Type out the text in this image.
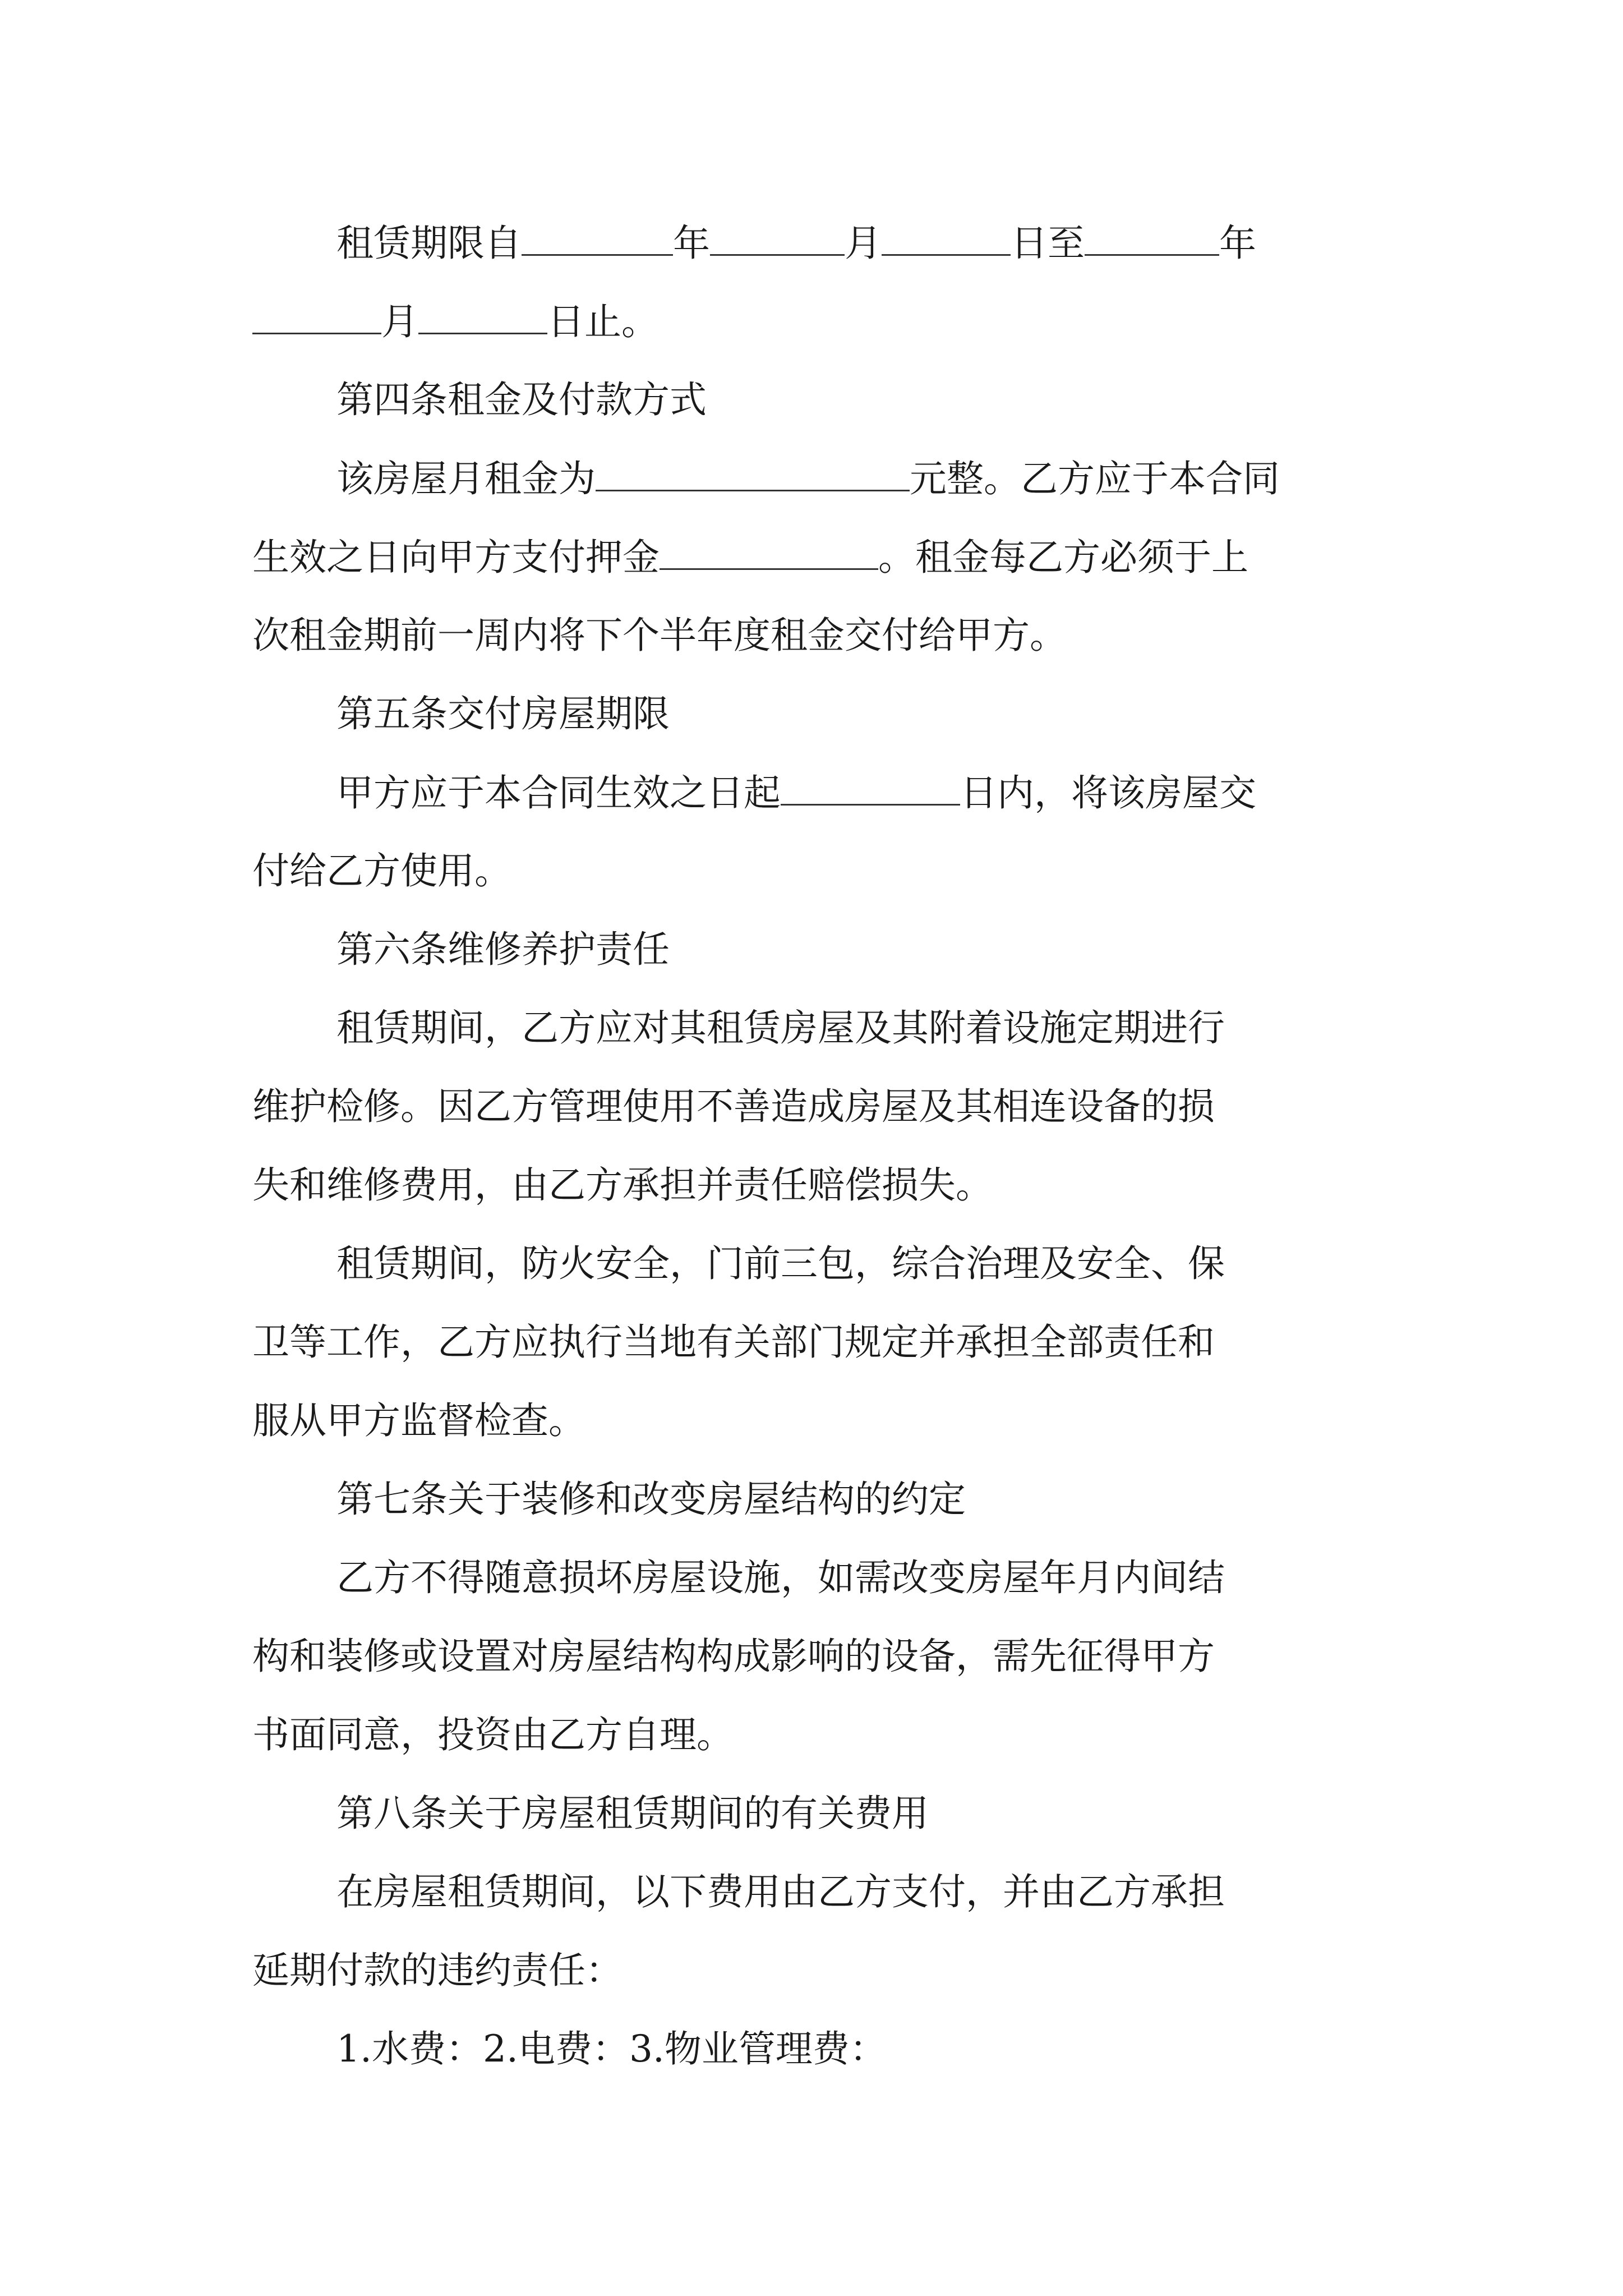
租赁期限自	年	月	日至	年
月	日止。
第四条租金及付款方式
该房屋月租金为	元整。乙方应于本合同
生效之日向甲方支付押金	。租金每乙方必须于上
次租金期前一周内将下个半年度租金交付给甲方。
第五条交付房屋期限
甲方应于本合同生效之日起	日内，将该房屋交
付给乙方使用。
第六条维修养护责任
租赁期间，乙方应对其租赁房屋及其附着设施定期进行
维护检修。因乙方管理使用不善造成房屋及其相连设备的损
失和维修费用，由乙方承担并责任赔偿损失。
租赁期间，防火安全，门前三包，综合治理及安全、保
卫等工作，乙方应执行当地有关部门规定并承担全部责任和
服从甲方监督检查。
第七条关于装修和改变房屋结构的约定
乙方不得随意损坏房屋设施，如需改变房屋年月内间结
构和装修或设置对房屋结构构成影响的设备，需先征得甲方
书面同意，投资由乙方自理。
第八条关于房屋租赁期间的有关费用
在房屋租赁期间，以下费用由乙方支付，并由乙方承担
延期付款的违约责任：
1.水费：2.电费：3.物业管理费：
